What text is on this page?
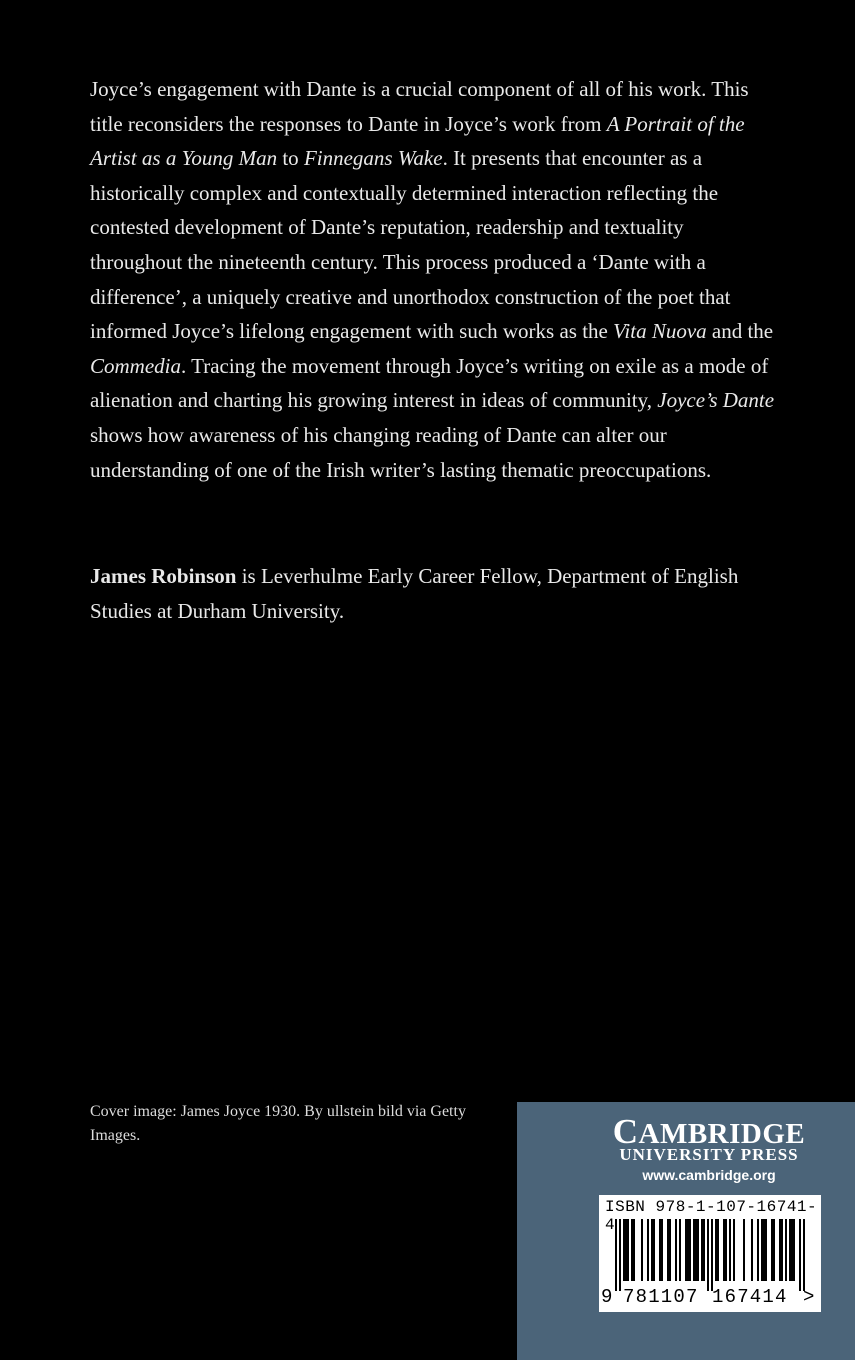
Joyce’s engagement with Dante is a crucial component of all of his work. This title reconsiders the responses to Dante in Joyce’s work from A Portrait of the Artist as a Young Man to Finnegans Wake. It presents that encounter as a historically complex and contextually determined interaction reflecting the contested development of Dante’s reputation, readership and textuality throughout the nineteenth century. This process produced a ‘Dante with a difference’, a uniquely creative and unorthodox construction of the poet that informed Joyce’s lifelong engagement with such works as the Vita Nuova and the Commedia. Tracing the movement through Joyce’s writing on exile as a mode of alienation and charting his growing interest in ideas of community, Joyce’s Dante shows how awareness of his changing reading of Dante can alter our understanding of one of the Irish writer’s lasting thematic preoccupations.

James Robinson is Leverhulme Early Career Fellow, Department of English Studies at Durham University.

Cover image: James Joyce 1930. By ullstein bild via Getty Images.	CAMBRIDGE
UNIVERSITY PRESS
www.cambridge.org
ISBN 978-1-107-16741-4
9 781107 167414 >
